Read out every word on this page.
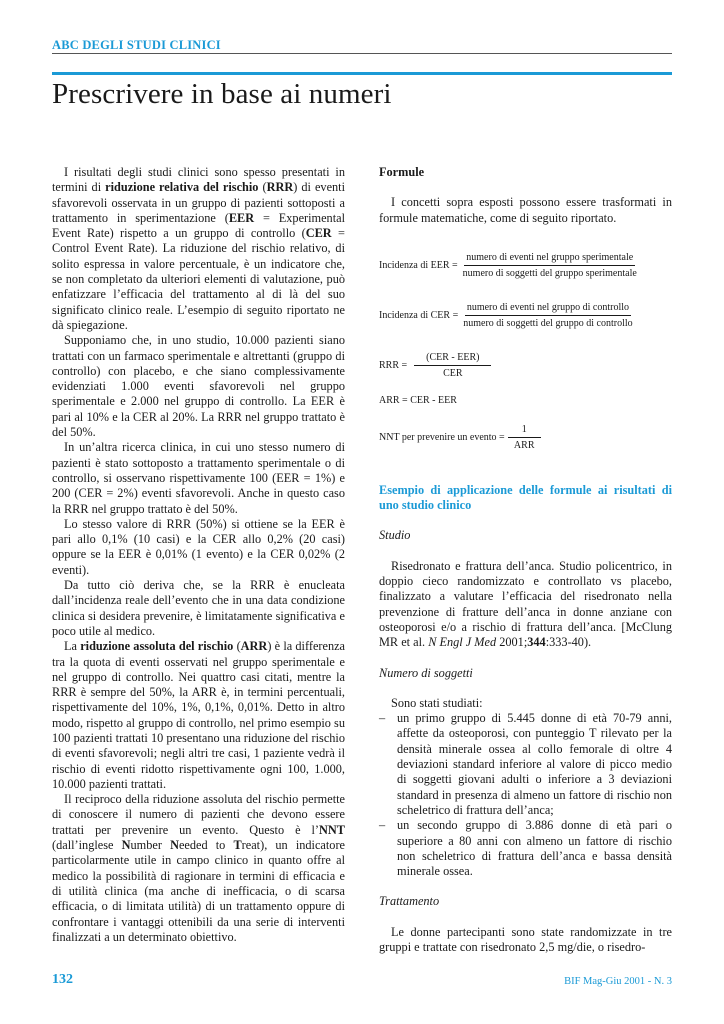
ABC DEGLI STUDI CLINICI
Prescrivere in base ai numeri

I risultati degli studi clinici sono spesso presentati in termini di riduzione relativa del rischio (RRR) di eventi sfavorevoli osservata in un gruppo di pazienti sottoposti a trattamento in sperimentazione (EER = Experimental Event Rate) rispetto a un gruppo di controllo (CER = Control Event Rate). La riduzione del rischio relativo, di solito espressa in valore percentuale, è un indicatore che, se non completato da ulteriori elementi di valutazione, può enfatizzare l’efficacia del trattamento al di là del suo significato clinico reale. L’esempio di seguito riportato ne dà spiegazione.

Supponiamo che, in uno studio, 10.000 pazienti siano trattati con un farmaco sperimentale e altrettanti (gruppo di controllo) con placebo, e che siano complessivamente evidenziati 1.000 eventi sfavorevoli nel gruppo sperimentale e 2.000 nel gruppo di controllo. La EER è pari al 10% e la CER al 20%. La RRR nel gruppo trattato è del 50%.

In un’altra ricerca clinica, in cui uno stesso numero di pazienti è stato sottoposto a trattamento sperimentale o di controllo, si osservano rispettivamente 100 (EER = 1%) e 200 (CER = 2%) eventi sfavorevoli. Anche in questo caso la RRR nel gruppo trattato è del 50%.

Lo stesso valore di RRR (50%) si ottiene se la EER è pari allo 0,1% (10 casi) e la CER allo 0,2% (20 casi) oppure se la EER è 0,01% (1 evento) e la CER 0,02% (2 eventi).

Da tutto ciò deriva che, se la RRR è enucleata dall’incidenza reale dell’evento che in una data condizione clinica si desidera prevenire, è limitatamente significativa e poco utile al medico.

La riduzione assoluta del rischio (ARR) è la differenza tra la quota di eventi osservati nel gruppo sperimentale e nel gruppo di controllo. Nei quattro casi citati, mentre la RRR è sempre del 50%, la ARR è, in termini percentuali, rispettivamente del 10%, 1%, 0,1%, 0,01%. Detto in altro modo, rispetto al gruppo di controllo, nel primo esempio su 100 pazienti trattati 10 presentano una riduzione del rischio di eventi sfavorevoli; negli altri tre casi, 1 paziente vedrà il rischio di eventi ridotto rispettivamente ogni 100, 1.000, 10.000 pazienti trattati.

Il reciproco della riduzione assoluta del rischio permette di conoscere il numero di pazienti che devono essere trattati per prevenire un evento. Questo è l’NNT (dall’inglese Number Needed to Treat), un indicatore particolarmente utile in campo clinico in quanto offre al medico la possibilità di ragionare in termini di efficacia e di utilità clinica (ma anche di inefficacia, o di scarsa efficacia, o di limitata utilità) di un trattamento oppure di confrontare i vantaggi ottenibili da una serie di interventi finalizzati a un determinato obiettivo.

Formule

I concetti sopra esposti possono essere trasformati in formule matematiche, come di seguito riportato.

Incidenza di EER = $\frac{\text{numero di eventi nel gruppo sperimentale}}{\text{numero di soggetti del gruppo sperimentale}}$
Incidenza di CER = $\frac{\text{numero di eventi nel gruppo di controllo}}{\text{numero di soggetti del gruppo di controllo}}$
RRR = $\frac{\text{(CER - EER)}}{\text{CER}}$
ARR = CER - EER
NNT per prevenire un evento = $\frac{1}{\text{ARR}}$

Esempio di applicazione delle formule ai risultati di uno studio clinico

Studio

Risedronato e frattura dell’anca. Studio policentrico, in doppio cieco randomizzato e controllato vs placebo, finalizzato a valutare l’efficacia del risedronato nella prevenzione di fratture dell’anca in donne anziane con osteoporosi e/o a rischio di frattura dell’anca. [McClung MR et al. N Engl J Med 2001;344:333-40).

Numero di soggetti

Sono stati studiati:

– un primo gruppo di 5.445 donne di età 70-79 anni, affette da osteoporosi, con punteggio T rilevato per la densità minerale ossea al collo femorale di oltre 4 deviazioni standard inferiore al valore di picco medio di soggetti giovani adulti o inferiore a 3 deviazioni standard in presenza di almeno un fattore di rischio non scheletrico di frattura dell’anca;
– un secondo gruppo di 3.886 donne di età pari o superiore a 80 anni con almeno un fattore di rischio non scheletrico di frattura dell’anca e bassa densità minerale ossea.

Trattamento

Le donne partecipanti sono state randomizzate in tre gruppi e trattate con risedronato 2,5 mg/die, o risedro-

132	BIF Mag-Giu 2001 - N. 3
